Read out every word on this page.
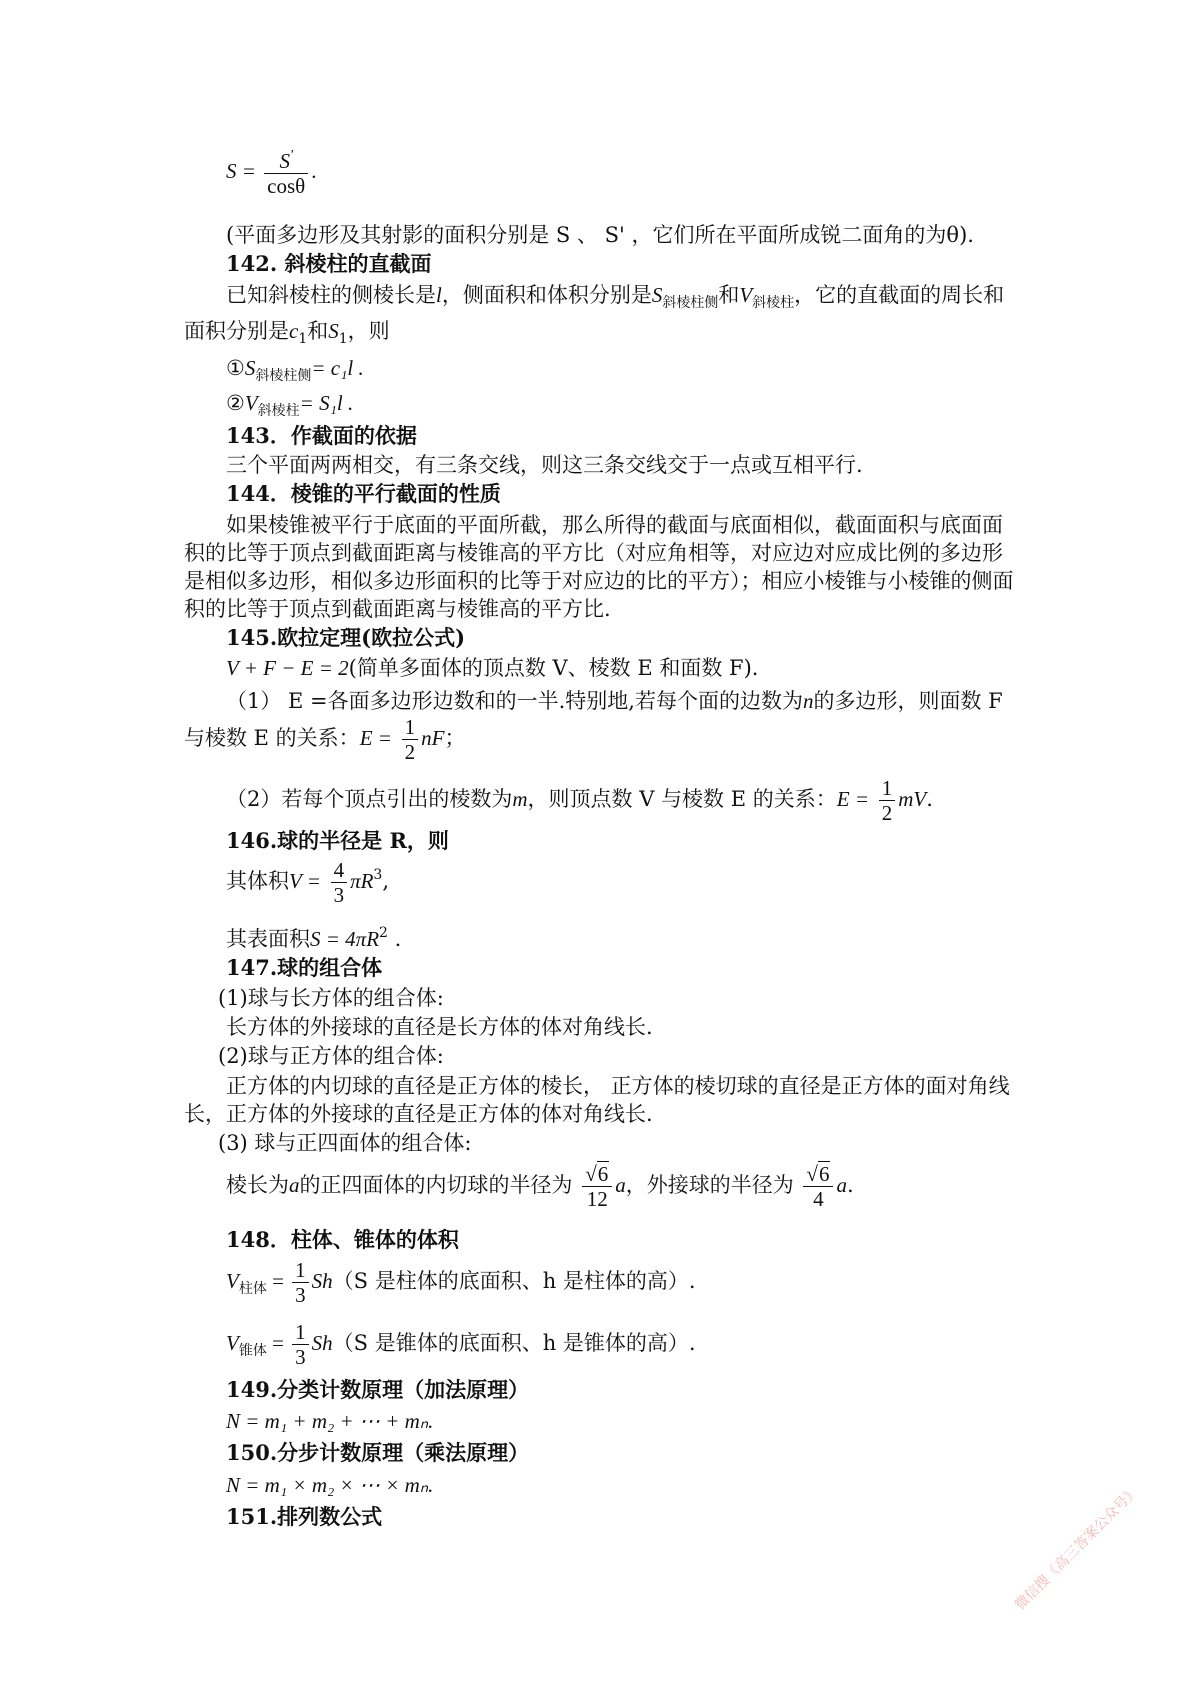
$S = \frac{S'}{\cos\theta}$ .
(平面多边形及其射影的面积分别是 S 、 S' ，它们所在平面所成锐二面角的为θ).
142. 斜棱柱的直截面
已知斜棱柱的侧棱长是l，侧面积和体积分别是$S_{斜棱柱侧}$和$V_{斜棱柱}$，它的直截面的周长和
面积分别是$c_1$和$S_1$，则
$①S_{斜棱柱侧}= c_1l$ .
$②V_{斜棱柱}= S_1l$ .
143．作截面的依据
三个平面两两相交，有三条交线，则这三条交线交于一点或互相平行.
144．棱锥的平行截面的性质
如果棱锥被平行于底面的平面所截，那么所得的截面与底面相似，截面面积与底面面
积的比等于顶点到截面距离与棱锥高的平方比（对应角相等，对应边对应成比例的多边形
是相似多边形，相似多边形面积的比等于对应边的比的平方）；相应小棱锥与小棱锥的侧面
积的比等于顶点到截面距离与棱锥高的平方比.
145.欧拉定理(欧拉公式)
V + F − E = 2(简单多面体的顶点数 V、棱数 E 和面数 F).
（1） E =各面多边形边数和的一半.特别地,若每个面的边数为n的多边形，则面数 F
与棱数 E 的关系：$E = \frac{1}{2}$ nF；
（2）若每个顶点引出的棱数为m，则顶点数 V 与棱数 E 的关系：$E = \frac{1}{2}$ mV.
146.球的半径是 R，则
其体积$V = \frac{4}{3} \pi R^3$,
其表面积$S = 4\pi R^2$ .
147.球的组合体
(1)球与长方体的组合体:
长方体的外接球的直径是长方体的体对角线长.
(2)球与正方体的组合体:
正方体的内切球的直径是正方体的棱长， 正方体的棱切球的直径是正方体的面对角线
长，正方体的外接球的直径是正方体的体对角线长.
(3) 球与正四面体的组合体:
棱长为a的正四面体的内切球的半径为 $\frac{√6}{12}$ a，外接球的半径为 $\frac{√6}{4} a$.
148．柱体、锥体的体积
$V_{柱体} = \frac{1}{3} Sh(S$ 是柱体的底面积、h 是柱体的高）.
$V_{锥体} = \frac{1}{3} Sh(S$ 是锥体的底面积、h 是锥体的高）.
149.分类计数原理（加法原理）
N = m₁ + m₂ + ⋯ + mₙ.
150.分步计数原理（乘法原理）
N = m₁ × m₂ × ⋯ × mₙ.
151.排列数公式	微信搜《高三答案公众号》
